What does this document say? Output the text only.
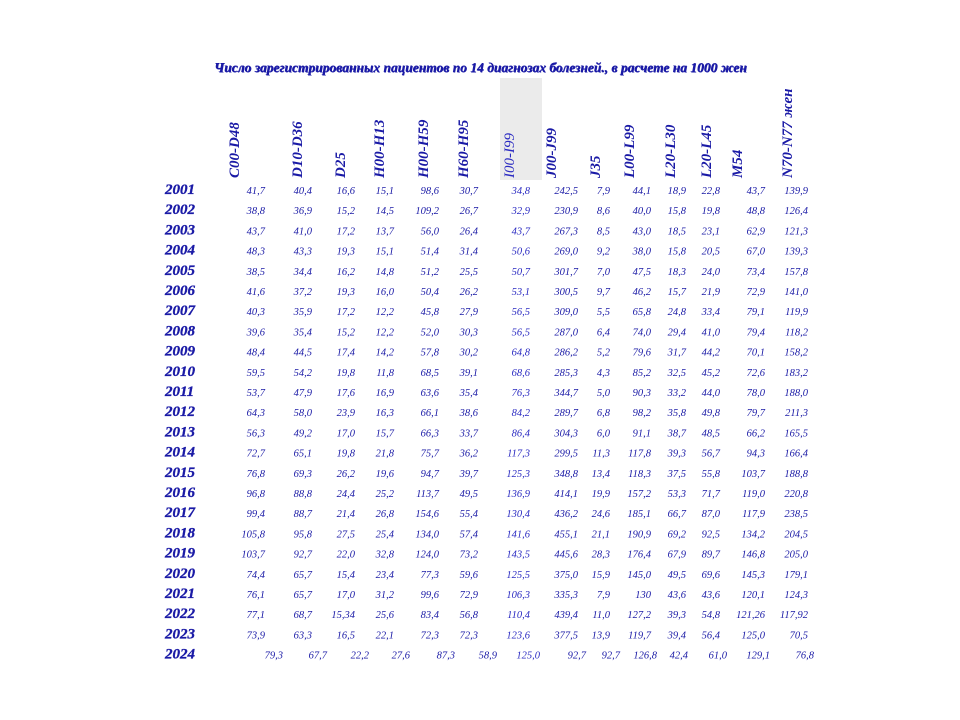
Число зарегистрированных пациентов по 14 диагнозах болезней., в расчете на 1000 жен
C00-D48	D10-D36 D25 H00-H13 H00-H59 H60-H95 I00-I99 J00-J99 J35 L00-L99 L20-L30 L20-L45 M54 N70-N77 жен
2001	41,7	40,4 16,6 15,1	98,6 30,7	34,8 242,5 7,9 44,1 18,9 22,8	43,7 139,9
2002	38,8	36,9 15,2 14,5 109,2 26,7	32,9 230,9 8,6 40,0 15,8 19,8	48,8 126,4
2003	43,7	41,0 17,2 13,7	56,0 26,4	43,7 267,3 8,5 43,0 18,5 23,1	62,9 121,3
2004	48,3	43,3 19,3 15,1	51,4 31,4	50,6 269,0 9,2 38,0 15,8 20,5	67,0 139,3
2005	38,5	34,4 16,2 14,8	51,2 25,5	50,7 301,7 7,0 47,5 18,3 24,0	73,4 157,8
2006	41,6	37,2 19,3 16,0	50,4 26,2	53,1 300,5 9,7 46,2 15,7 21,9	72,9 141,0
2007	40,3	35,9 17,2 12,2	45,8 27,9	56,5 309,0 5,5 65,8 24,8 33,4	79,1 119,9
2008	39,6	35,4 15,2 12,2	52,0 30,3	56,5 287,0 6,4 74,0 29,4 41,0	79,4 118,2
2009	48,4	44,5 17,4 14,2	57,8 30,2	64,8 286,2 5,2 79,6 31,7 44,2	70,1 158,2
2010	59,5	54,2 19,8 11,8	68,5 39,1	68,6 285,3 4,3 85,2 32,5 45,2	72,6 183,2
2011	53,7	47,9 17,6 16,9	63,6 35,4	76,3 344,7 5,0 90,3 33,2 44,0	78,0 188,0
2012	64,3	58,0 23,9 16,3	66,1 38,6	84,2 289,7 6,8 98,2 35,8 49,8	79,7 211,3
2013	56,3	49,2 17,0 15,7	66,3 33,7	86,4 304,3 6,0 91,1 38,7 48,5	66,2 165,5
2014	72,7	65,1 19,8 21,8	75,7 36,2	117,3 299,5 11,3 117,8 39,3 56,7	94,3 166,4
2015	76,8	69,3 26,2 19,6	94,7 39,7	125,3 348,8 13,4 118,3 37,5 55,8 103,7 188,8
2016	96,8	88,8 24,4 25,2 113,7 49,5	136,9 414,1 19,9 157,2 53,3 71,7 119,0 220,8
2017	99,4	88,7 21,4 26,8 154,6 55,4	130,4 436,2 24,6 185,1 66,7 87,0 117,9 238,5
2018	105,8	95,8 27,5 25,4 134,0 57,4	141,6 455,1 21,1 190,9 69,2 92,5 134,2 204,5
2019	103,7	92,7 22,0 32,8 124,0 73,2	143,5 445,6 28,3 176,4 67,9 89,7 146,8 205,0
2020	74,4	65,7 15,4 23,4	77,3 59,6	125,5 375,0 15,9 145,0 49,5 69,6 145,3 179,1
2021	76,1	65,7 17,0 31,2	99,6 72,9	106,3 335,3 7,9 130 43,6 43,6 120,1 124,3
2022	77,1	68,7 15,34 25,6	83,4 56,8	110,4 439,4 11,0 127,2 39,3 54,8 121,26 117,92
2023	73,9	63,3 16,5 22,1	72,3 72,3	123,6 377,5 13,9 119,7 39,4 56,4 125,0 70,5
2024	79,3 67,7 22,2 27,6	87,3 58,9 125,0	92,7 92,7 126,8 42,4 61,0 129,1 76,8
